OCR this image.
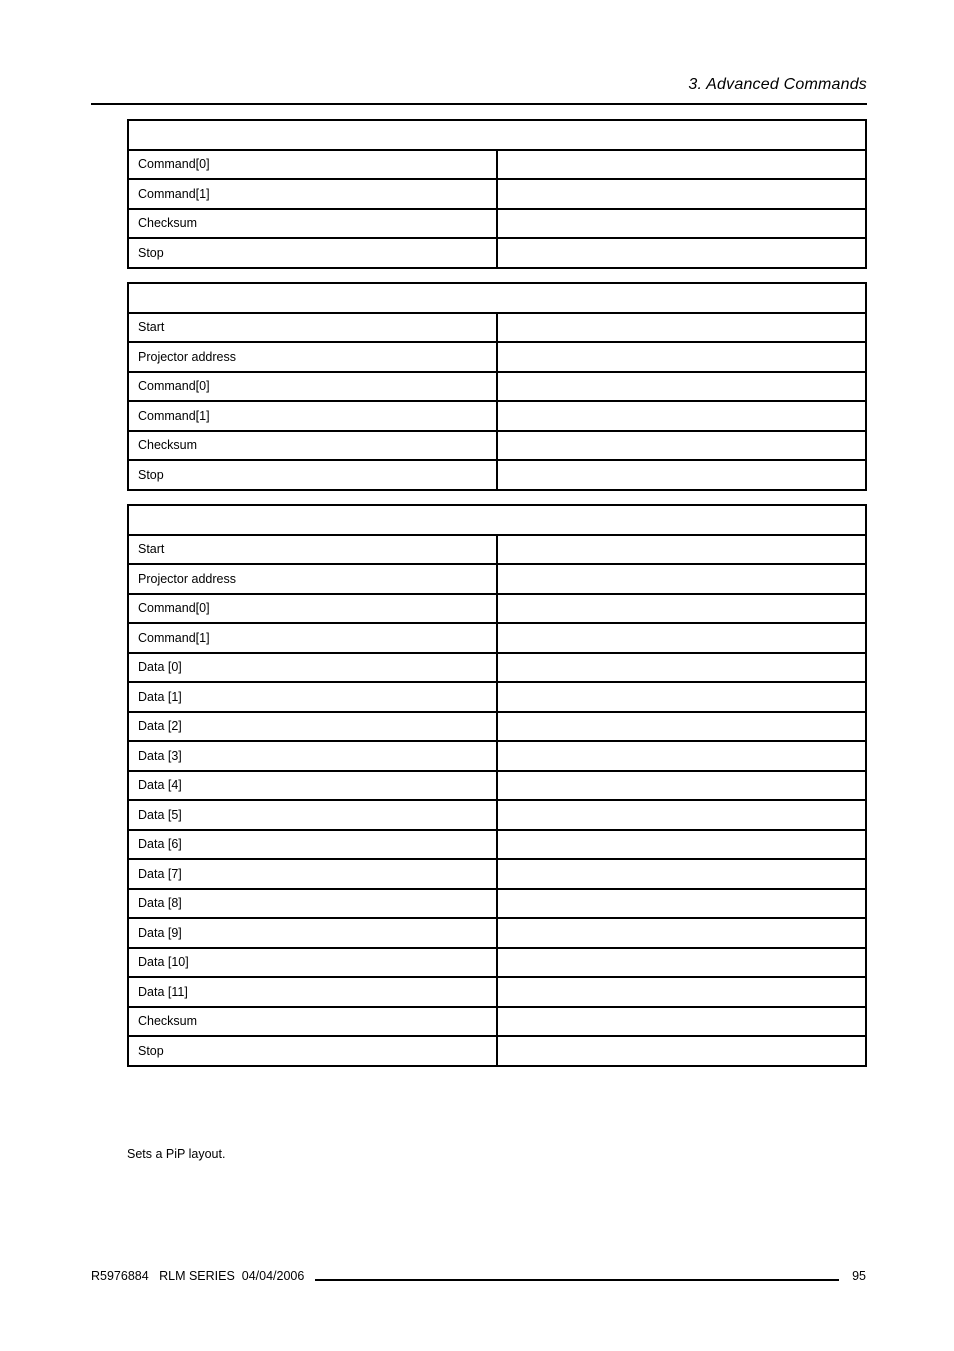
3. Advanced Commands

Command[0]	
Command[1]	
Checksum	
Stop	

Start	
Projector address	
Command[0]	
Command[1]	
Checksum	
Stop	

Start	
Projector address	
Command[0]	
Command[1]	
Data [0]	
Data [1]	
Data [2]	
Data [3]	
Data [4]	
Data [5]	
Data [6]	
Data [7]	
Data [8]	
Data [9]	
Data [10]	
Data [11]	
Checksum	
Stop	
Sets a PiP layout.
R5976884   RLM SERIES  04/04/2006	95
